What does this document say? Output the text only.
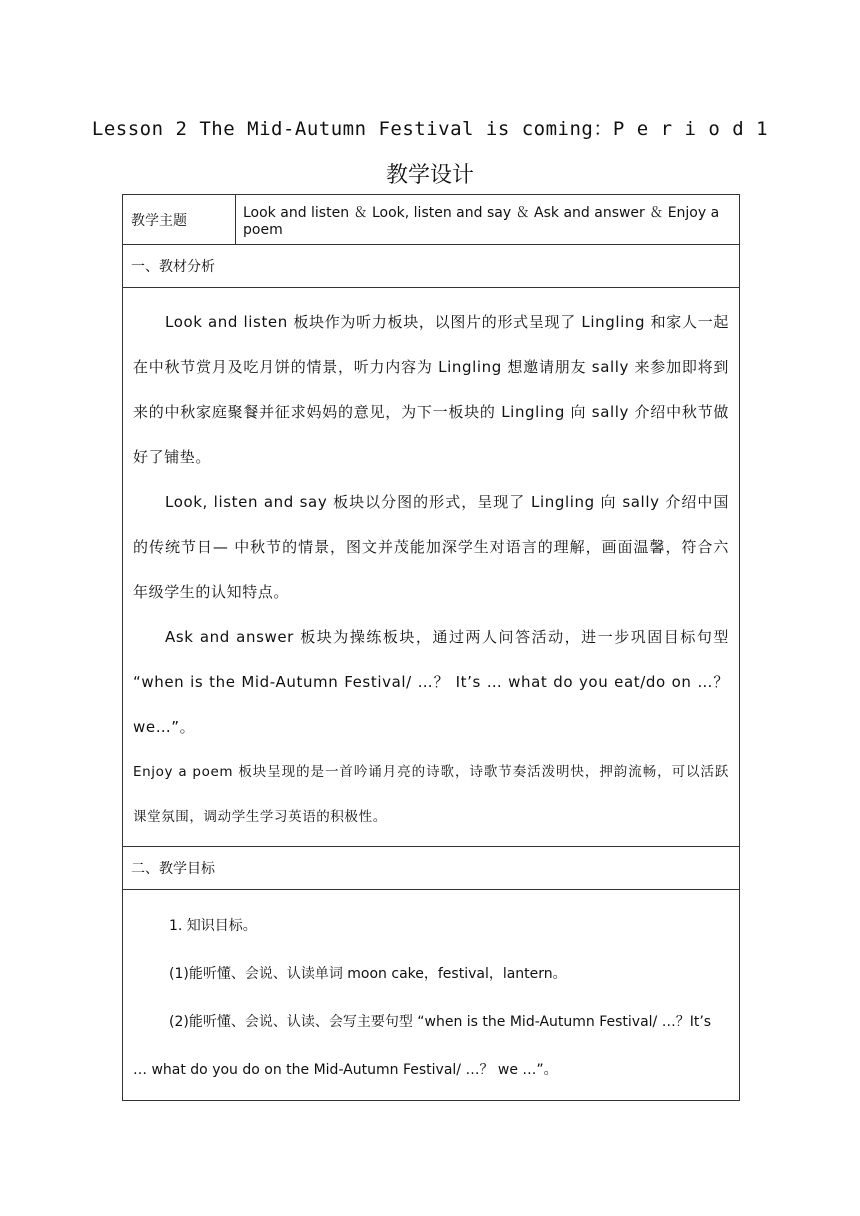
Lesson 2 The Mid-Autumn Festival is coming：P e r i o d 1
教学设计
教学主题	Look and listen ＆ Look, listen and say ＆ Ask and answer ＆ Enjoy a poem
一、教材分析

Look and listen 板块作为听力板块，以图片的形式呈现了 Lingling 和家人一起在中秋节赏月及吃月饼的情景，听力内容为 Lingling 想邀请朋友 sally 来参加即将到来的中秋家庭聚餐并征求妈妈的意见，为下一板块的 Lingling 向 sally 介绍中秋节做好了铺垫。
Look, listen and say 板块以分图的形式，呈现了 Lingling 向 sally 介绍中国的传统节日— 中秋节的情景，图文并茂能加深学生对语言的理解，画面温馨，符合六年级学生的认知特点。
Ask and answer 板块为操练板块，通过两人问答活动，进一步巩固目标句型 “when is the Mid-Autumn Festival/ …？ It’s … what do you eat/do on …？ we…”。
Enjoy a poem 板块呈现的是一首吟诵月亮的诗歌，诗歌节奏活泼明快，押韵流畅，可以活跃课堂氛围，调动学生学习英语的积极性。

二、教学目标

1. 知识目标。
(1)能听懂、会说、认读单词 moon cake，festival，lantern。
(2)能听懂、会说、认读、会写主要句型 “when is the Mid-Autumn Festival/ …？It’s … what do you do on the Mid-Autumn Festival/ …？ we …”。
